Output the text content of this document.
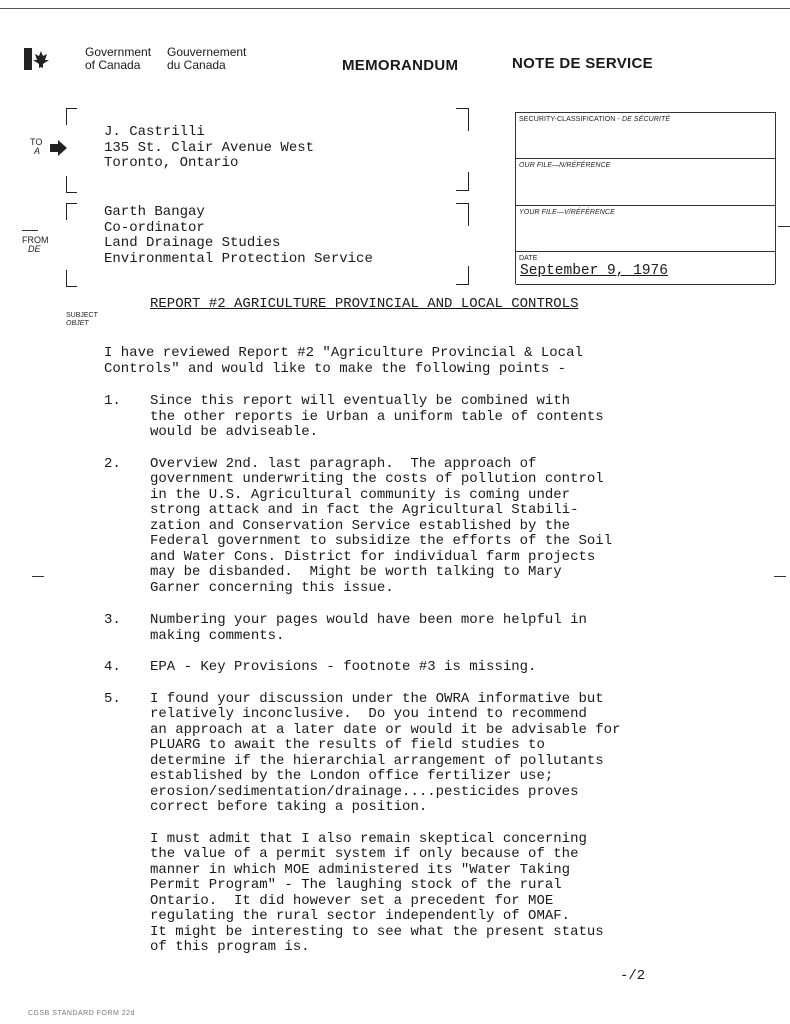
Government
of Canada
Gouvernement
du Canada	MEMORANDUM	NOTE DE SERVICE
TO
A
J. Castrilli
135 St. Clair Avenue West
Toronto, Ontario
FROM
DE
Garth Bangay
Co-ordinator
Land Drainage Studies
Environmental Protection Service
SECURITY-CLASSIFICATION - DE SÉCURITÉ
OUR FILE—N/RÉFÉRENCE
YOUR FILE—V/RÉFÉRENCE
DATE
September 9, 1976
SUBJECT
OBJET
REPORT #2 AGRICULTURE PROVINCIAL AND LOCAL CONTROLS
I have reviewed Report #2 "Agriculture Provincial & Local
Controls" and would like to make the following points -
1. Since this report will eventually be combined with
the other reports ie Urban a uniform table of contents
would be adviseable.
2. Overview 2nd. last paragraph.  The approach of
government underwriting the costs of pollution control
in the U.S. Agricultural community is coming under
strong attack and in fact the Agricultural Stabili-
zation and Conservation Service established by the
Federal government to subsidize the efforts of the Soil
and Water Cons. District for individual farm projects
may be disbanded.  Might be worth talking to Mary
Garner concerning this issue.
3. Numbering your pages would have been more helpful in
making comments.
4. EPA - Key Provisions - footnote #3 is missing.
5. I found your discussion under the OWRA informative but
relatively inconclusive.  Do you intend to recommend
an approach at a later date or would it be advisable for
PLUARG to await the results of field studies to
determine if the hierarchial arrangement of pollutants
established by the London office fertilizer use;
erosion/sedimentation/drainage....pesticides proves
correct before taking a position.
I must admit that I also remain skeptical concerning
the value of a permit system if only because of the
manner in which MOE administered its "Water Taking
Permit Program" - The laughing stock of the rural
Ontario.  It did however set a precedent for MOE
regulating the rural sector independently of OMAF.
It might be interesting to see what the present status
of this program is.
-/2
CGSB STANDARD FORM 22d
